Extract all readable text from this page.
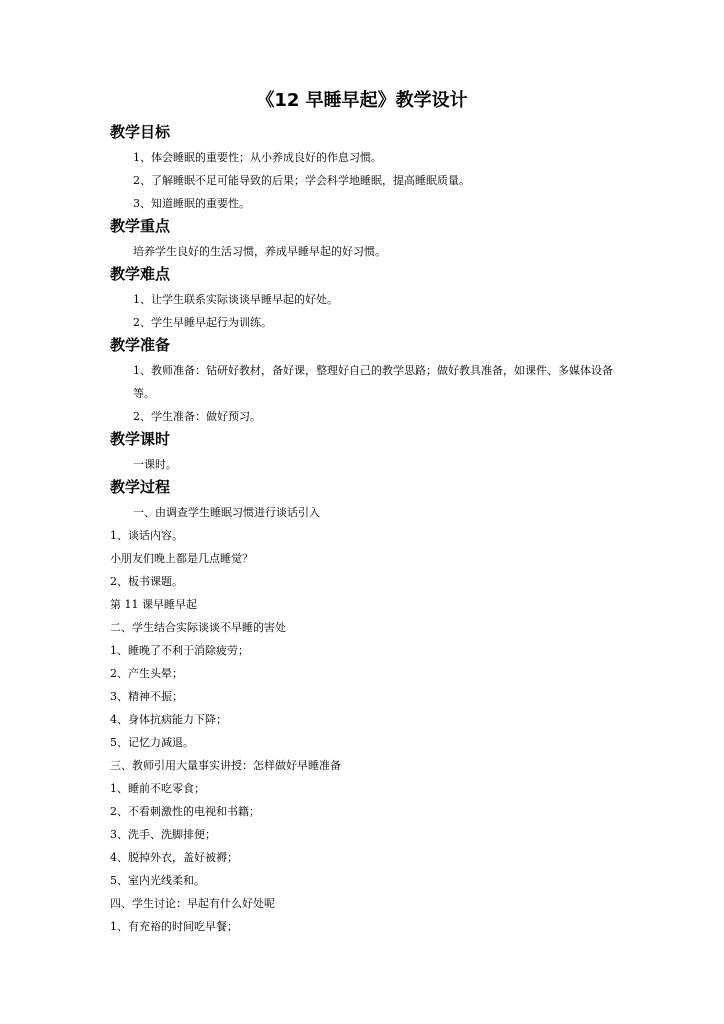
《12 早睡早起》教学设计
教学目标
1、体会睡眠的重要性；从小养成良好的作息习惯。
2、了解睡眠不足可能导致的后果；学会科学地睡眠，提高睡眠质量。
3、知道睡眠的重要性。
教学重点
培养学生良好的生活习惯，养成早睡早起的好习惯。
教学难点
1、让学生联系实际谈谈早睡早起的好处。
2、学生早睡早起行为训练。
教学准备
1、教师准备：钻研好教材，备好课，整理好自己的教学思路；做好教具准备，如课件、多媒体设备等。
2、学生准备：做好预习。
教学课时
一课时。
教学过程
一、由调查学生睡眠习惯进行谈话引入
1、谈话内容。
小朋友们晚上都是几点睡觉？
2、板书课题。
第 11 课早睡早起
二、学生结合实际谈谈不早睡的害处
1、睡晚了不利于消除疲劳；
2、产生头晕；
3、精神不振；
4、身体抗病能力下降；
5、记忆力减退。
三、教师引用大量事实讲授：怎样做好早睡准备
1、睡前不吃零食；
2、不看刺激性的电视和书籍；
3、洗手、洗脚排便；
4、脱掉外衣，盖好被褥；
5、室内光线柔和。
四、学生讨论：早起有什么好处呢
1、有充裕的时间吃早餐；
